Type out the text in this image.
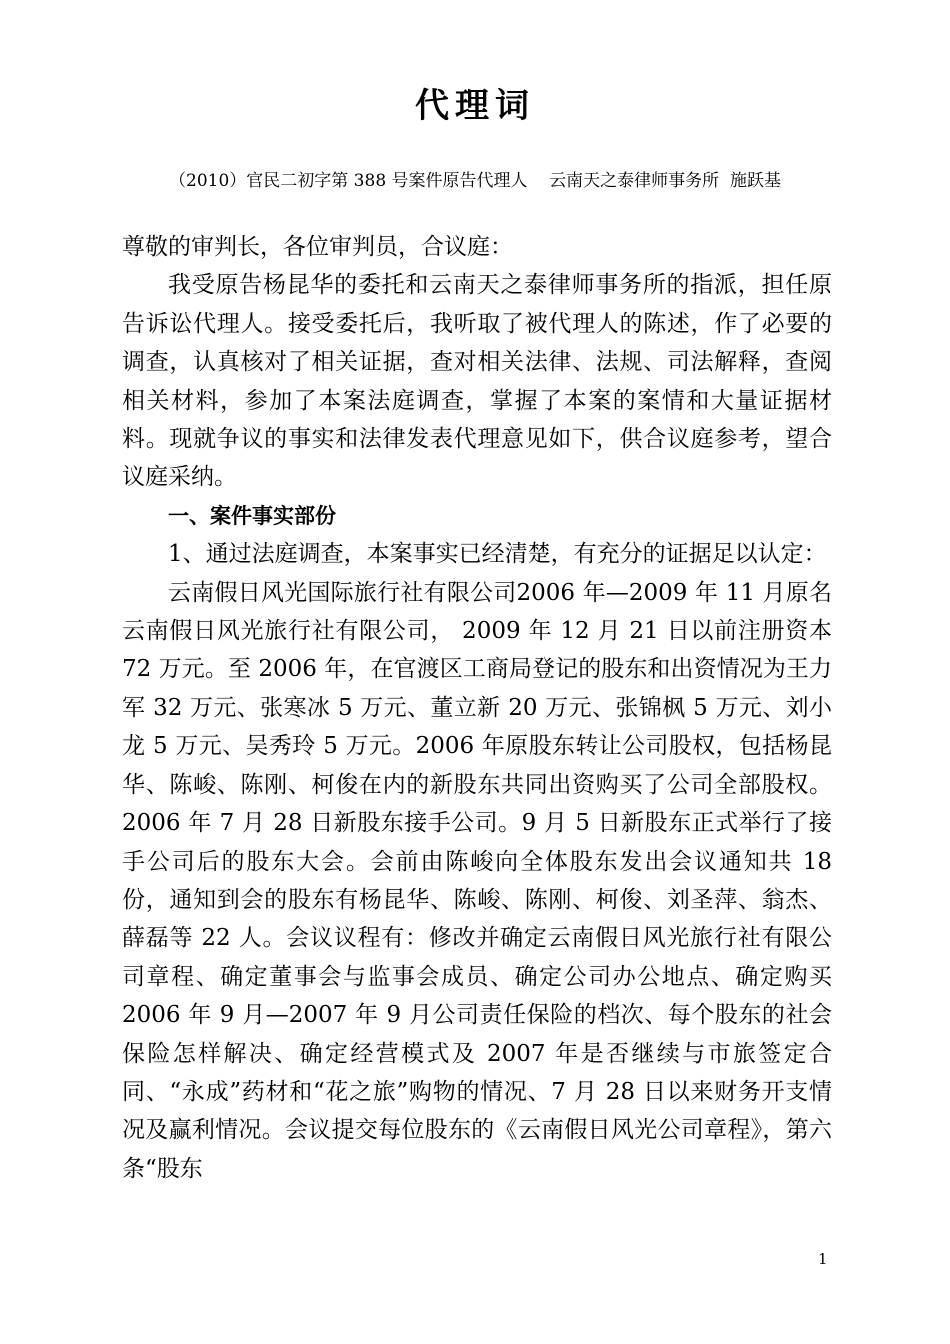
代理词
（2010）官民二初字第 388 号案件原告代理人    云南天之泰律师事务所  施跃基

尊敬的审判长，各位审判员，合议庭：

我受原告杨昆华的委托和云南天之泰律师事务所的指派，担任原告诉讼代理人。接受委托后，我听取了被代理人的陈述，作了必要的调查，认真核对了相关证据，查对相关法律、法规、司法解释，查阅相关材料，参加了本案法庭调查，掌握了本案的案情和大量证据材料。现就争议的事实和法律发表代理意见如下，供合议庭参考，望合议庭采纳。

一、案件事实部份

1、通过法庭调查，本案事实已经清楚，有充分的证据足以认定：

云南假日风光国际旅行社有限公司2006 年—2009 年 11 月原名云南假日风光旅行社有限公司， 2009 年 12 月 21 日以前注册资本 72 万元。至 2006 年，在官渡区工商局登记的股东和出资情况为王力军 32 万元、张寒冰 5 万元、董立新 20 万元、张锦枫 5 万元、刘小龙 5 万元、吴秀玲 5 万元。2006 年原股东转让公司股权，包括杨昆华、陈峻、陈刚、柯俊在内的新股东共同出资购买了公司全部股权。2006 年 7 月 28 日新股东接手公司。9 月 5 日新股东正式举行了接手公司后的股东大会。会前由陈峻向全体股东发出会议通知共 18 份，通知到会的股东有杨昆华、陈峻、陈刚、柯俊、刘圣萍、翁杰、薛磊等 22 人。会议议程有：修改并确定云南假日风光旅行社有限公司章程、确定董事会与监事会成员、确定公司办公地点、确定购买 2006 年 9 月—2007 年 9 月公司责任保险的档次、每个股东的社会保险怎样解决、确定经营模式及 2007 年是否继续与市旅签定合同、“永成”药材和“花之旅”购物的情况、7 月 28 日以来财务开支情况及赢利情况。会议提交每位股东的《云南假日风光公司章程》，第六条“股东

1
